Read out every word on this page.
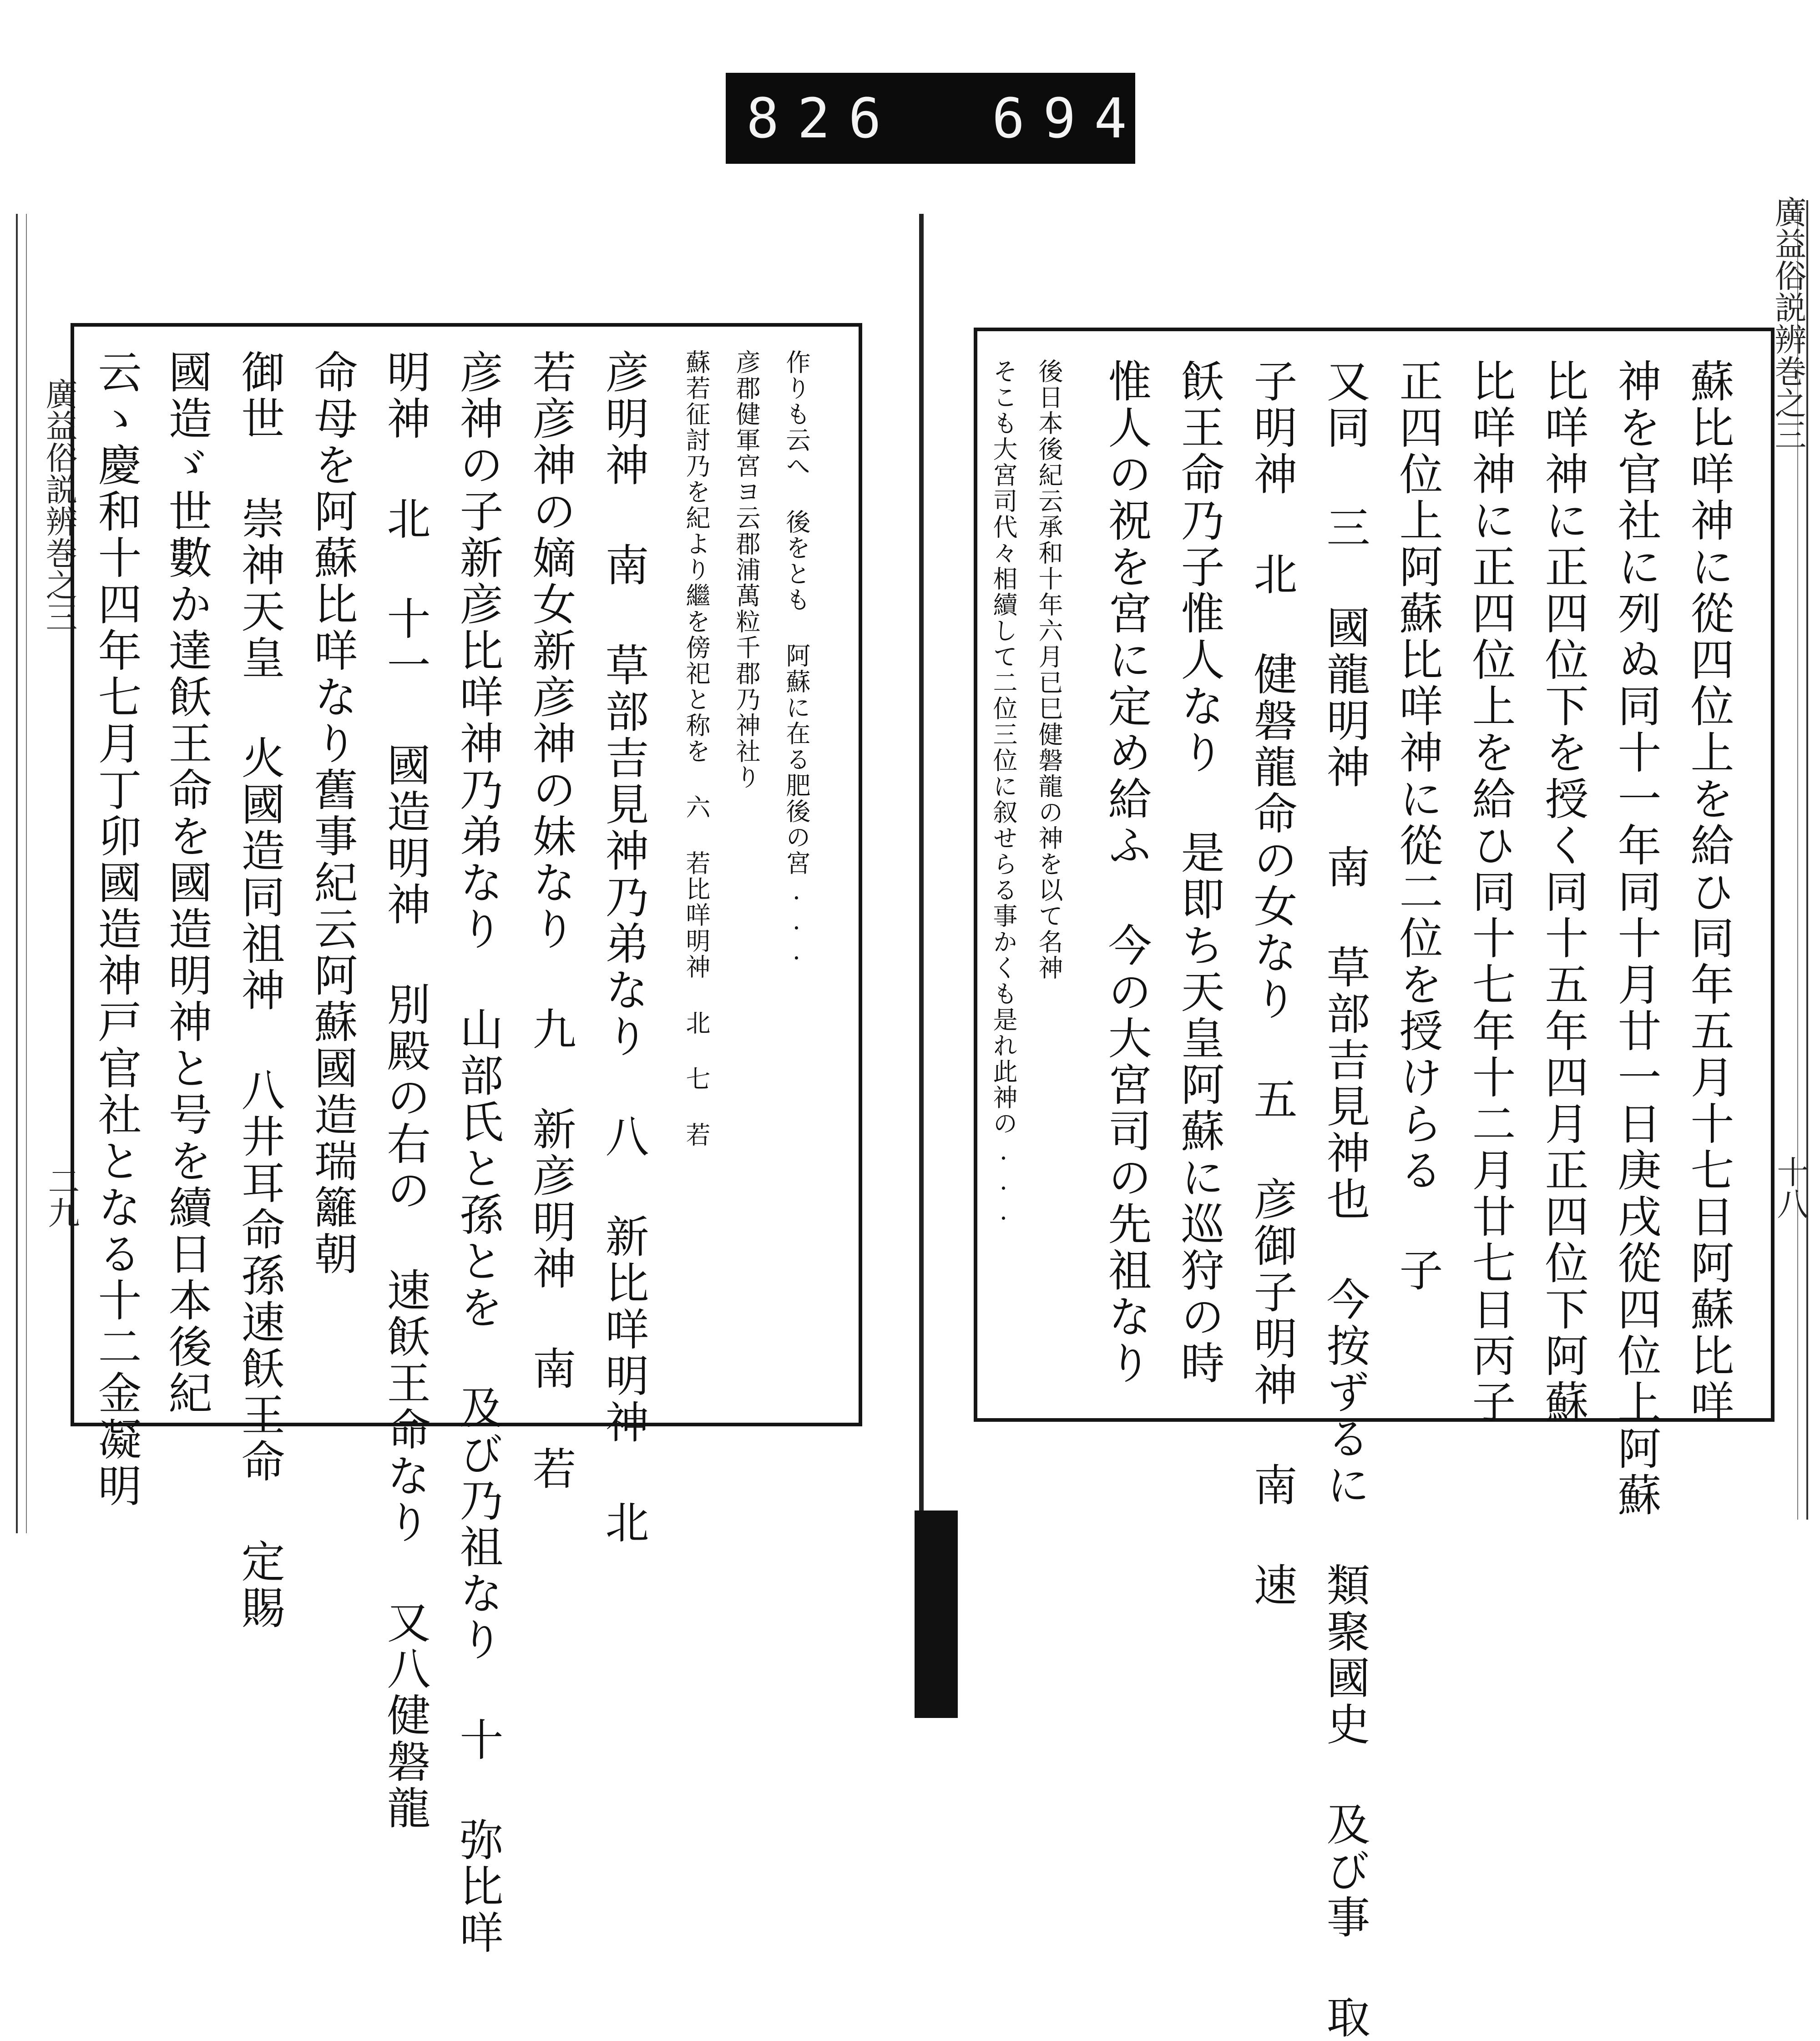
826 694
廣益俗説辨巻之三
二九
廣益俗説辨巻之三
十八
云ゝ慶和十四年七月丁卯國造神戸官社となる十二金凝明 國造ゞ世數か達飫王命を國造明神と号を續日本後紀 御世 崇神天皇 火國造同祖神 八井耳命孫速飫王命 定賜 命母を阿蘇比咩なり舊事紀云阿蘇國造瑞籬朝 明神 北 十一 國造明神 別殿の右の 速飫王命なり 又八健磐龍 彦神の子新彦比咩神乃弟なり 山部氏と孫とを 及び乃祖なり 十 弥比咩 若彦神の嫡女新彦神の妹なり 九 新彦明神 南 若 彦明神 南 草部吉見神乃弟なり 八 新比咩明神 北 蘇若征討乃を紀より繼を傍祀と称を 六 若比咩明神 北 七 若 彦郡健軍宮ヨ云郡浦萬粒千郡乃神社り 作りも云へ 後をとも 阿蘇に在る肥後の宮...	そこも大宮司代々相續して二位三位に叙せらる事かくも是れ此神の... 後日本後紀云承和十年六月已巳健磐龍の神を以て名神 惟人の祝を宮に定め給ふ 今の大宮司の先祖なり 飫王命乃子惟人なり 是即ち天皇阿蘇に巡狩の時 子明神 北 健磐龍命の女なり 五 彦御子明神 南 速 又同 三 國龍明神 南 草部吉見神也 今按ずるに 類聚國史 及び事 取 正四位上阿蘇比咩神に從二位を授けらる 子 比咩神に正四位上を給ひ同十七年十二月廿七日丙子 比咩神に正四位下を授く同十五年四月正四位下阿蘇 神を官社に列ぬ同十一年同十月廿一日庚戌從四位上阿蘇 蘇比咩神に從四位上を給ひ同年五月十七日阿蘇比咩
